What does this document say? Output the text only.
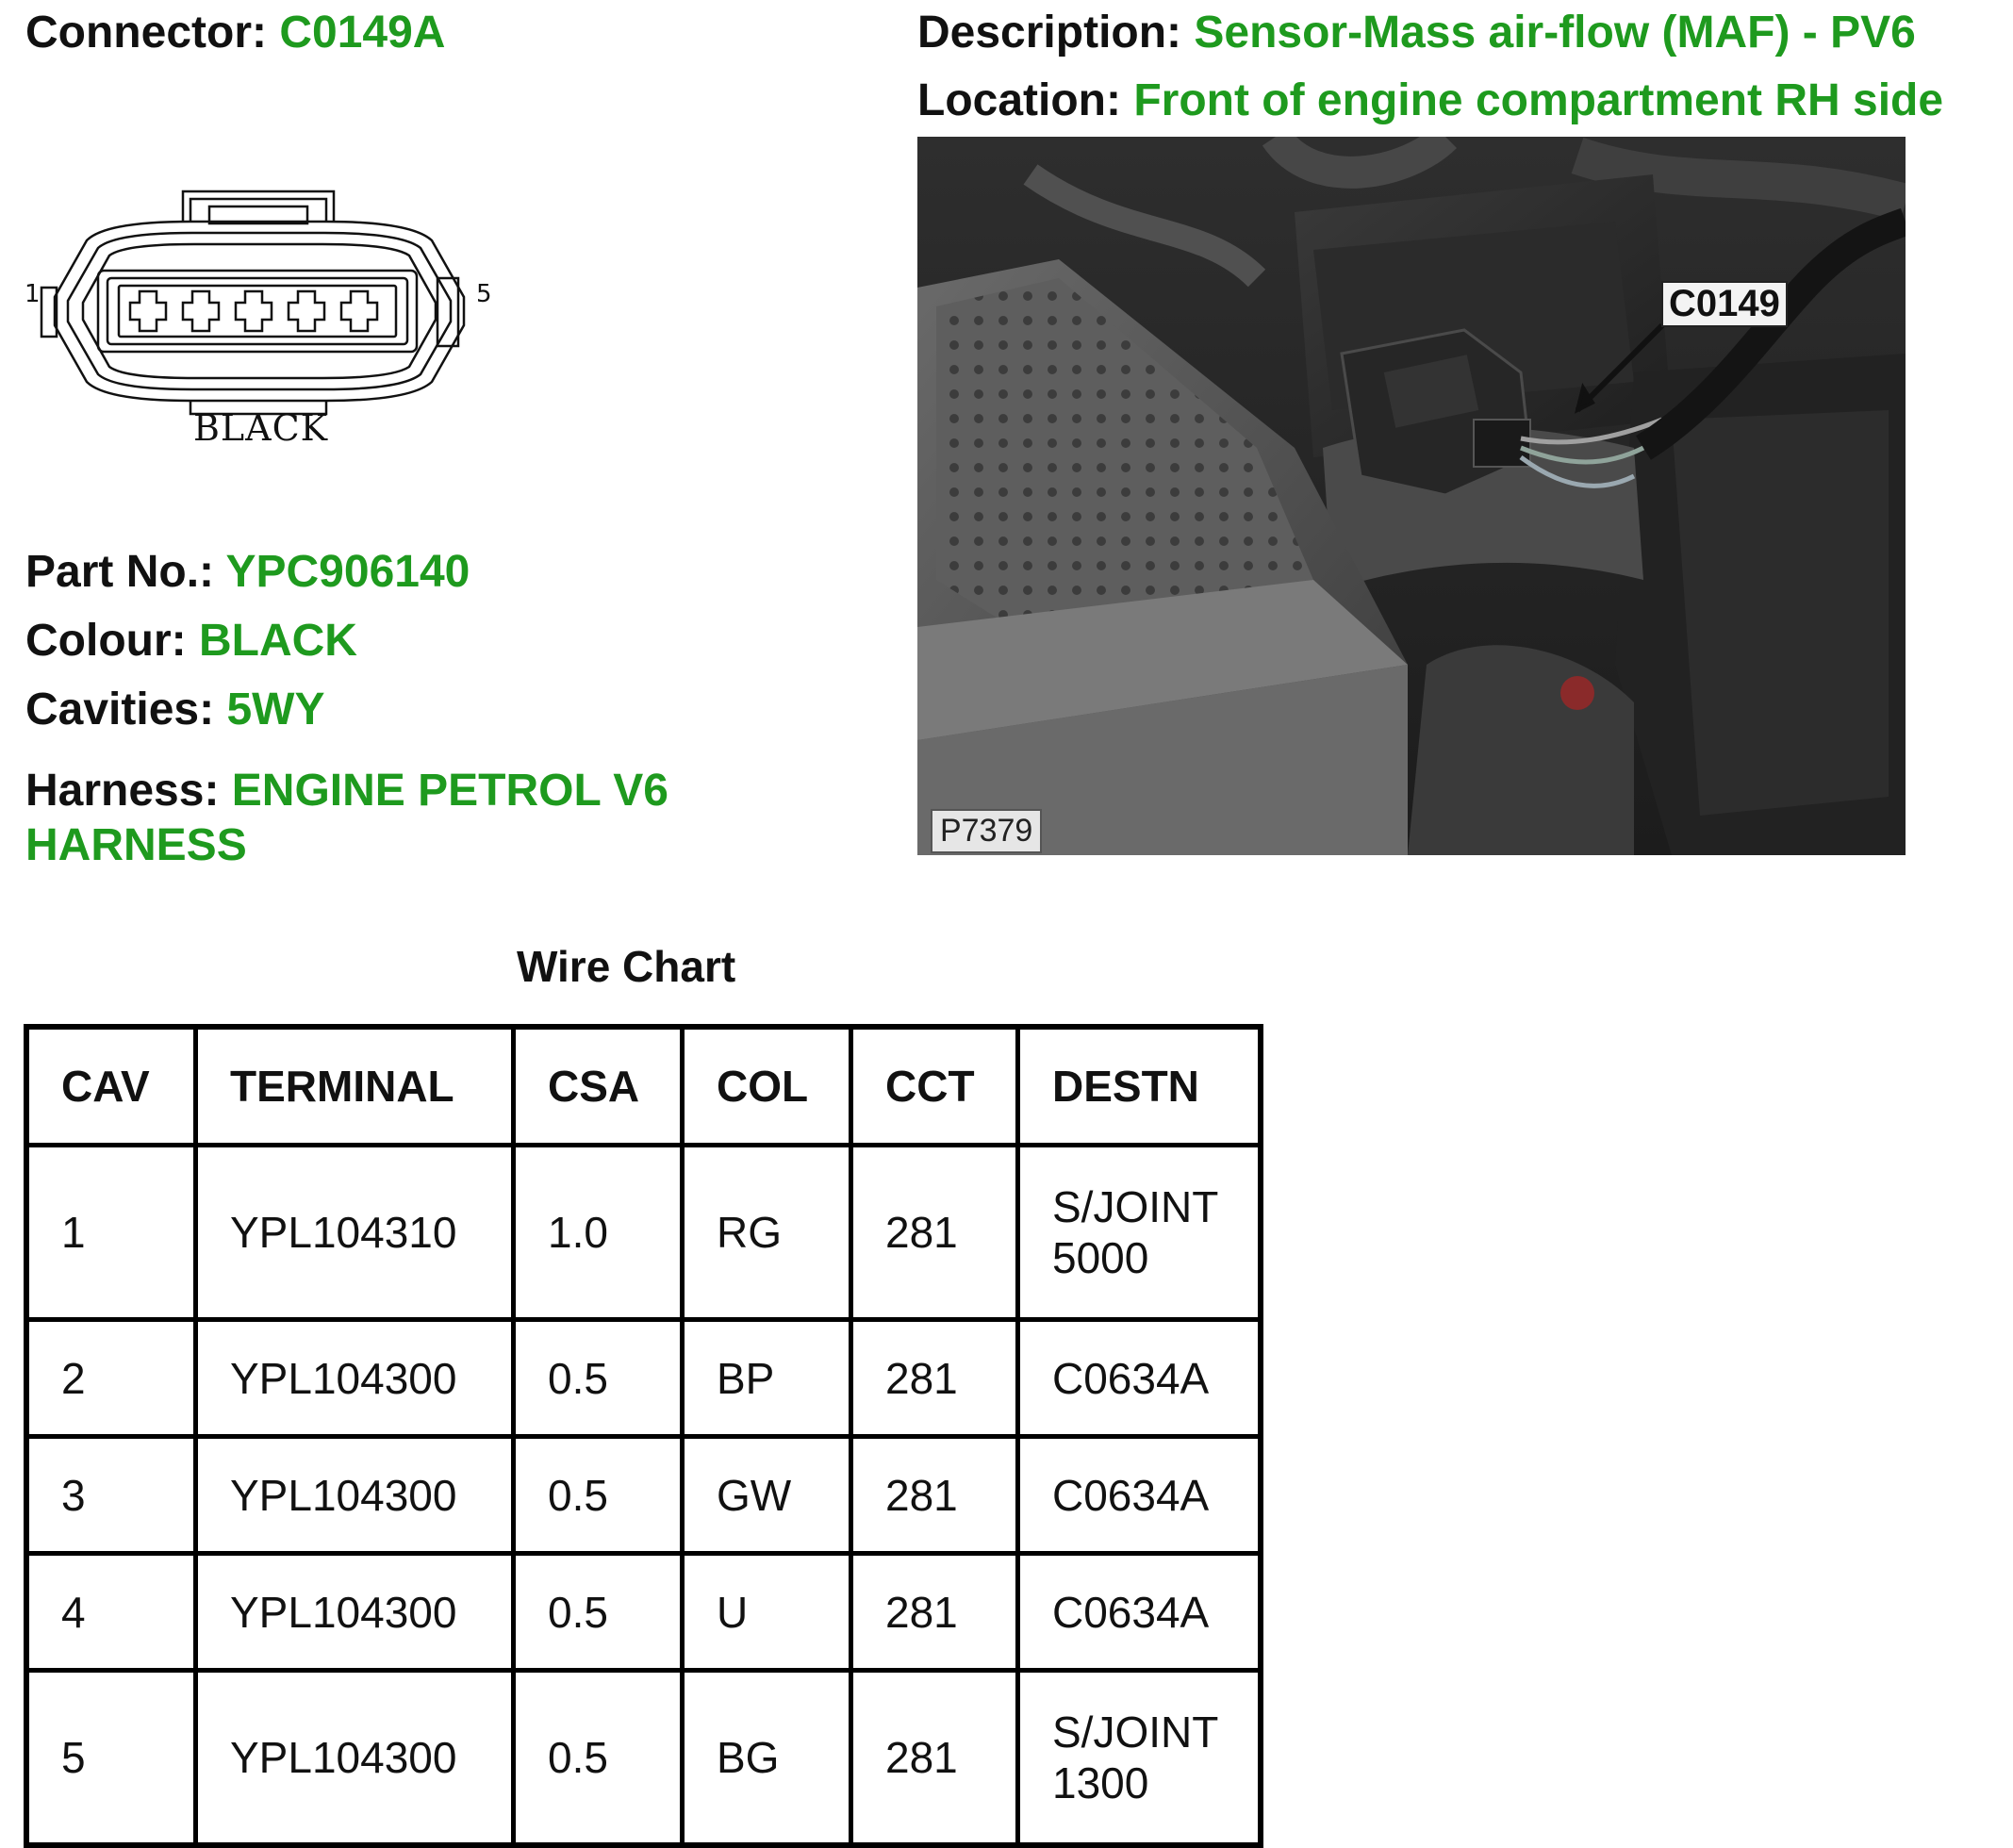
Connector: C0149A	Description: Sensor-Mass air-flow (MAF) - PV6
Location: Front of engine compartment RH side
1	5
BLACK
Part No.: YPC906140
Colour: BLACK
Cavities: 5WY
Harness: ENGINE PETROL V6 HARNESS
C0149
P7379
Wire Chart
CAV	TERMINAL	CSA	COL	CCT	DESTN
1	YPL104310	1.0	RG	281	S/JOINT
5000
2	YPL104300	0.5	BP	281	C0634A
3	YPL104300	0.5	GW	281	C0634A
4	YPL104300	0.5	U	281	C0634A
5	YPL104300	0.5	BG	281	S/JOINT
1300
